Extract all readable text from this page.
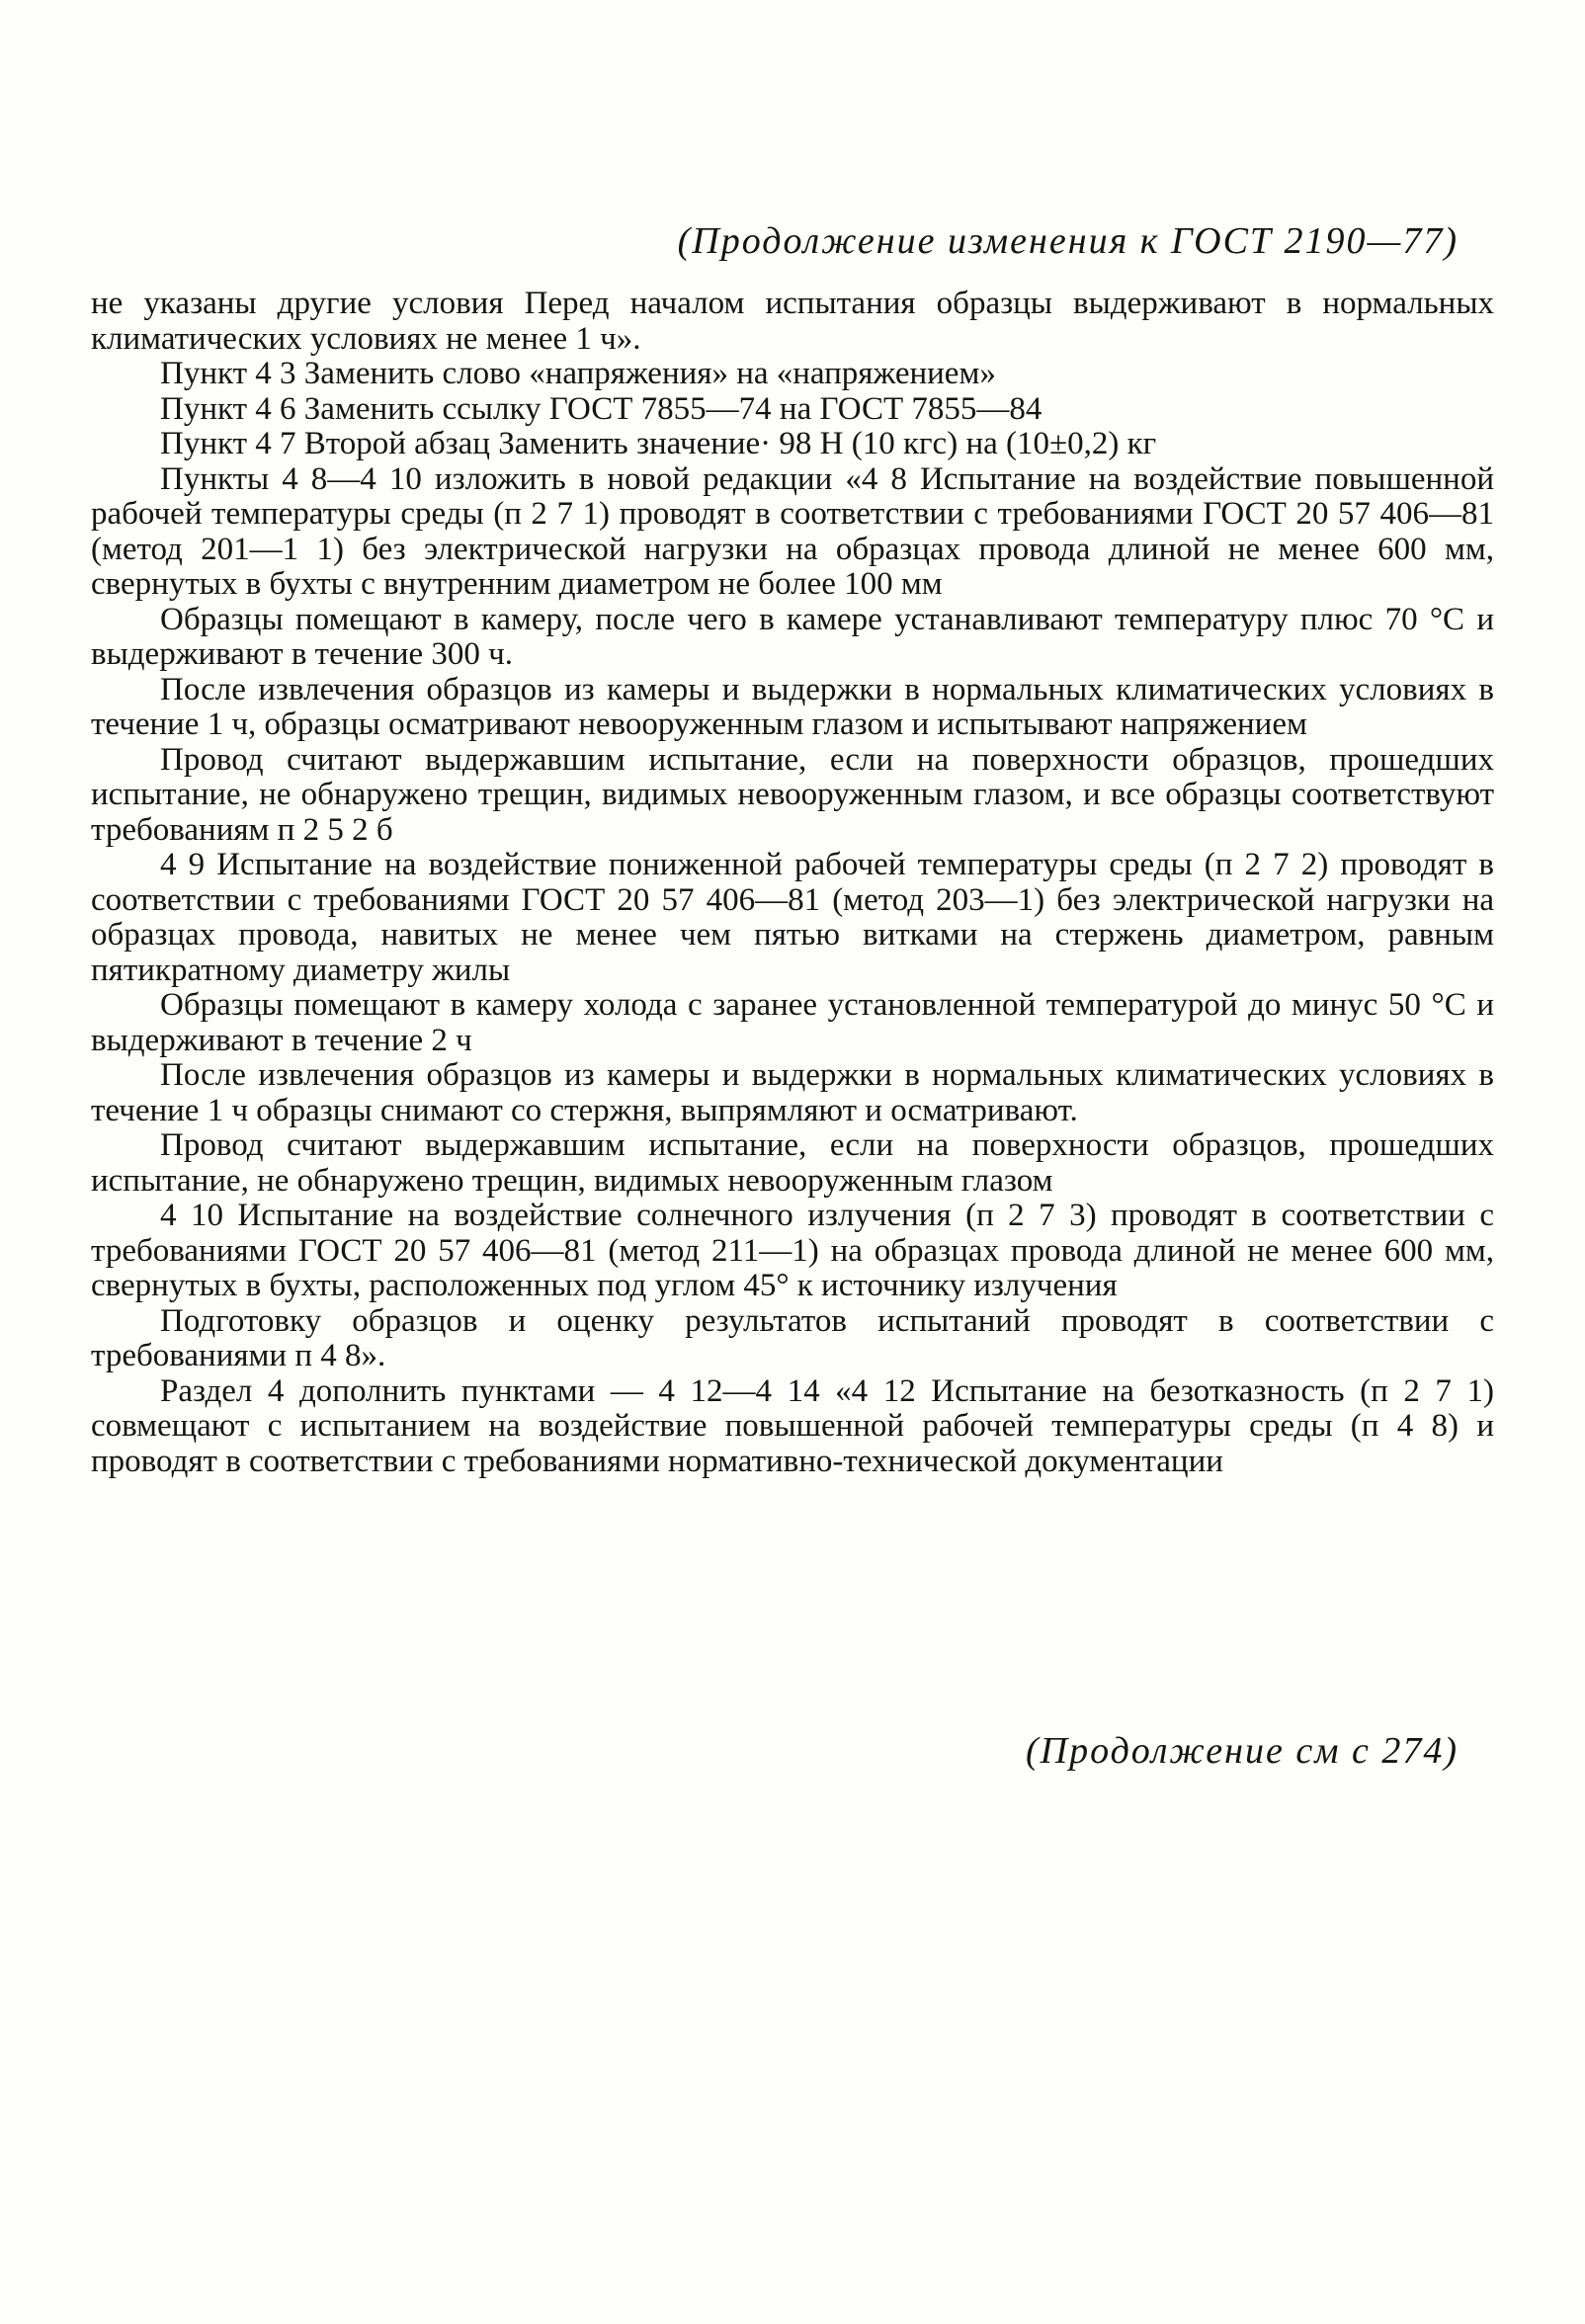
(Продолжение изменения к ГОСТ 2190—77)

не указаны другие условия Перед началом испытания образцы выдерживают в нормальных климатических условиях не менее 1 ч».

Пункт 4 3 Заменить слово «напряжения» на «напряжением»

Пункт 4 6 Заменить ссылку ГОСТ 7855—74 на ГОСТ 7855—84

Пункт 4 7 Второй абзац Заменить значение· 98 Н (10 кгс) на (10±0,2) кг

Пункты 4 8—4 10 изложить в новой редакции «4 8 Испытание на воздействие повышенной рабочей температуры среды (п 2 7 1) проводят в соответствии с требованиями ГОСТ 20 57 406—81 (метод 201—1 1) без электрической нагрузки на образцах провода длиной не менее 600 мм, свернутых в бухты с внутренним диаметром не более 100 мм

Образцы помещают в камеру, после чего в камере устанавливают температуру плюс 70 °С и выдерживают в течение 300 ч.

После извлечения образцов из камеры и выдержки в нормальных климатических условиях в течение 1 ч, образцы осматривают невооруженным глазом и испытывают напряжением

Провод считают выдержавшим испытание, если на поверхности образцов, прошедших испытание, не обнаружено трещин, видимых невооруженным глазом, и все образцы соответствуют требованиям п 2 5 2 б

4 9 Испытание на воздействие пониженной рабочей температуры среды (п 2 7 2) проводят в соответствии с требованиями ГОСТ 20 57 406—81 (метод 203—1) без электрической нагрузки на образцах провода, навитых не менее чем пятью витками на стержень диаметром, равным пятикратному диаметру жилы

Образцы помещают в камеру холода с заранее установленной температурой до минус 50 °С и выдерживают в течение 2 ч

После извлечения образцов из камеры и выдержки в нормальных климатических условиях в течение 1 ч образцы снимают со стержня, выпрямляют и осматривают.

Провод считают выдержавшим испытание, если на поверхности образцов, прошедших испытание, не обнаружено трещин, видимых невооруженным глазом

4 10 Испытание на воздействие солнечного излучения (п 2 7 3) проводят в соответствии с требованиями ГОСТ 20 57 406—81 (метод 211—1) на образцах провода длиной не менее 600 мм, свернутых в бухты, расположенных под углом 45° к источнику излучения

Подготовку образцов и оценку результатов испытаний проводят в соответствии с требованиями п 4 8».

Раздел 4 дополнить пунктами — 4 12—4 14 «4 12 Испытание на безотказность (п 2 7 1) совмещают с испытанием на воздействие повышенной рабочей температуры среды (п 4 8) и проводят в соответствии с требованиями нормативно-технической документации

(Продолжение см с 274)
